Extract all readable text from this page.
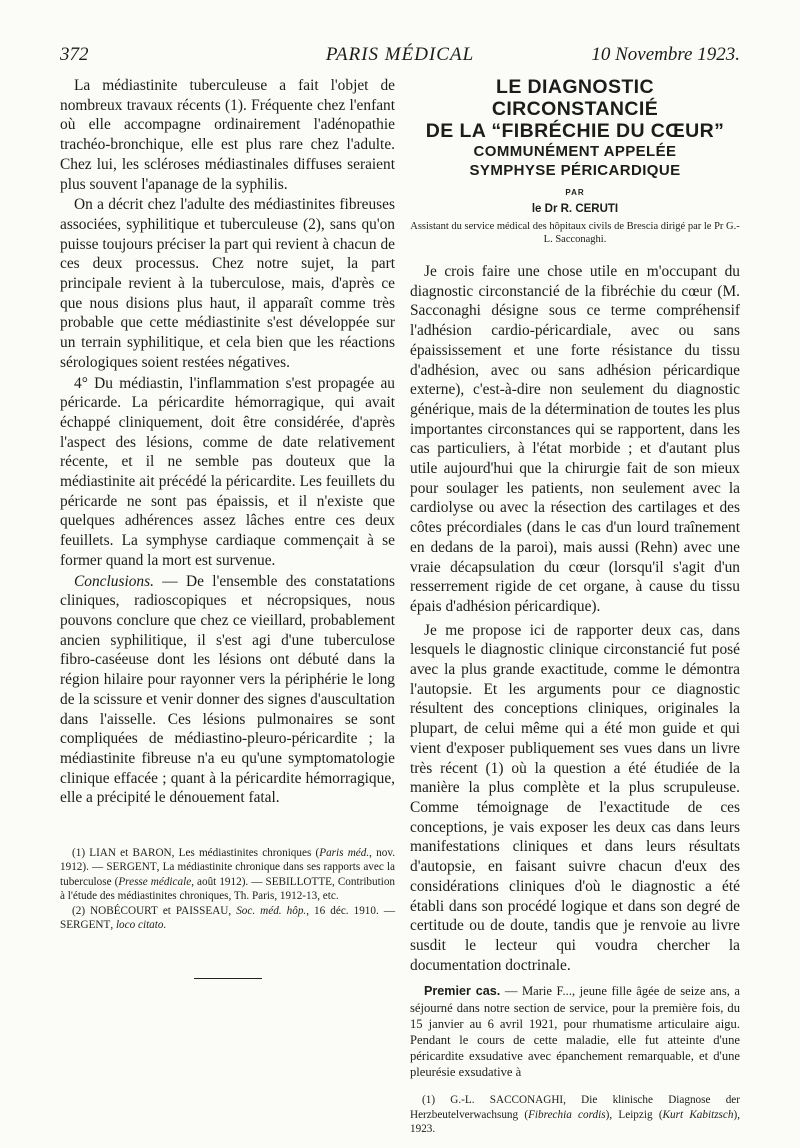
372	PARIS MÉDICAL	10 Novembre 1923.

La médiastinite tuberculeuse a fait l'objet de nombreux travaux récents (1). Fréquente chez l'enfant où elle accompagne ordinairement l'adénopathie trachéo-bronchique, elle est plus rare chez l'adulte. Chez lui, les scléroses médiastinales diffuses seraient plus souvent l'apanage de la syphilis.

On a décrit chez l'adulte des médiastinites fibreuses associées, syphilitique et tuberculeuse (2), sans qu'on puisse toujours préciser la part qui revient à chacun de ces deux processus. Chez notre sujet, la part principale revient à la tuberculose, mais, d'après ce que nous disions plus haut, il apparaît comme très probable que cette médiastinite s'est développée sur un terrain syphilitique, et cela bien que les réactions sérologiques soient restées négatives.

4° Du médiastin, l'inflammation s'est propagée au péricarde. La péricardite hémorragique, qui avait échappé cliniquement, doit être considérée, d'après l'aspect des lésions, comme de date relativement récente, et il ne semble pas douteux que la médiastinite ait précédé la péricardite. Les feuillets du péricarde ne sont pas épaissis, et il n'existe que quelques adhérences assez lâches entre ces deux feuillets. La symphyse cardiaque commençait à se former quand la mort est survenue.

Conclusions. — De l'ensemble des constatations cliniques, radioscopiques et nécropsiques, nous pouvons conclure que chez ce vieillard, probablement ancien syphilitique, il s'est agi d'une tuberculose fibro-caséeuse dont les lésions ont débuté dans la région hilaire pour rayonner vers la périphérie le long de la scissure et venir donner des signes d'auscultation dans l'aisselle. Ces lésions pulmonaires se sont compliquées de médiastino-pleuro-péricardite ; la médiastinite fibreuse n'a eu qu'une symptomatologie clinique effacée ; quant à la péricardite hémorragique, elle a précipité le dénouement fatal.

(1) LIAN et BARON, Les médiastinites chroniques (Paris méd., nov. 1912). — SERGENT, La médiastinite chronique dans ses rapports avec la tuberculose (Presse médicale, août 1912). — SEBILLOTTE, Contribution à l'étude des médiastinites chroniques, Th. Paris, 1912-13, etc.

(2) NOBÉCOURT et PAISSEAU, Soc. méd. hôp., 16 déc. 1910. — SERGENT, loco citato.

LE DIAGNOSTIC
CIRCONSTANCIÉ
DE LA “FIBRÉCHIE DU CŒUR”
COMMUNÉMENT APPELÉE
SYMPHYSE PÉRICARDIQUE
PAR
le Dr R. CERUTI
Assistant du service médical des hôpitaux civils de Brescia dirigé par le Pr G.-L. Sacconaghi.

Je crois faire une chose utile en m'occupant du diagnostic circonstancié de la fibréchie du cœur (M. Sacconaghi désigne sous ce terme compréhensif l'adhésion cardio-péricardiale, avec ou sans épaississement et une forte résistance du tissu d'adhésion, avec ou sans adhésion péricardique externe), c'est-à-dire non seulement du diagnostic générique, mais de la détermination de toutes les plus importantes circonstances qui se rapportent, dans les cas particuliers, à l'état morbide ; et d'autant plus utile aujourd'hui que la chirurgie fait de son mieux pour soulager les patients, non seulement avec la cardiolyse ou avec la résection des cartilages et des côtes précordiales (dans le cas d'un lourd traînement en dedans de la paroi), mais aussi (Rehn) avec une vraie décapsulation du cœur (lorsqu'il s'agit d'un resserrement rigide de cet organe, à cause du tissu épais d'adhésion péricardique).

Je me propose ici de rapporter deux cas, dans lesquels le diagnostic clinique circonstancié fut posé avec la plus grande exactitude, comme le démontra l'autopsie. Et les arguments pour ce diagnostic résultent des conceptions cliniques, originales la plupart, de celui même qui a été mon guide et qui vient d'exposer publiquement ses vues dans un livre très récent (1) où la question a été étudiée de la manière la plus complète et la plus scrupuleuse. Comme témoignage de l'exactitude de ces conceptions, je vais exposer les deux cas dans leurs manifestations cliniques et dans leurs résultats d'autopsie, en faisant suivre chacun d'eux des considérations cliniques d'où le diagnostic a été établi dans son procédé logique et dans son degré de certitude ou de doute, tandis que je renvoie au livre susdit le lecteur qui voudra chercher la documentation doctrinale.

Premier cas. — Marie F..., jeune fille âgée de seize ans, a séjourné dans notre section de service, pour la première fois, du 15 janvier au 6 avril 1921, pour rhumatisme articulaire aigu. Pendant le cours de cette maladie, elle fut atteinte d'une péricardite exsudative avec épanchement remarquable, et d'une pleurésie exsudative à

(1) G.-L. SACCONAGHI, Die klinische Diagnose der Herzbeutelverwachsung (Fibrechia cordis), Leipzig (Kurt Kabitzsch), 1923.
